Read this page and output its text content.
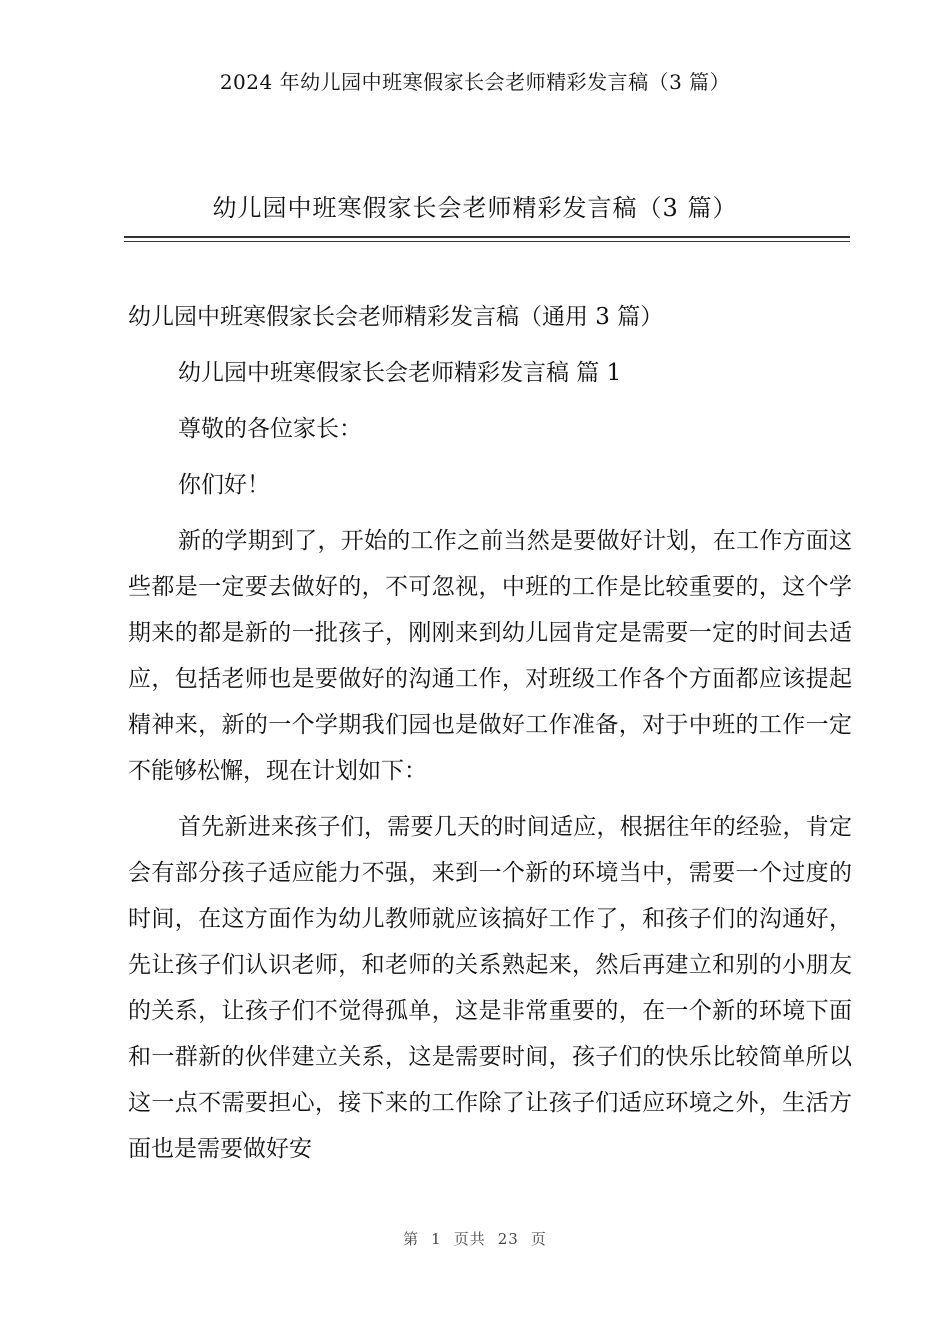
2024 年幼儿园中班寒假家长会老师精彩发言稿（3 篇）
幼儿园中班寒假家长会老师精彩发言稿（3 篇）

幼儿园中班寒假家长会老师精彩发言稿（通用 3 篇）

幼儿园中班寒假家长会老师精彩发言稿 篇 1

尊敬的各位家长：

你们好！

新的学期到了，开始的工作之前当然是要做好计划，在工作方面这些都是一定要去做好的，不可忽视，中班的工作是比较重要的，这个学期来的都是新的一批孩子，刚刚来到幼儿园肯定是需要一定的时间去适应，包括老师也是要做好的沟通工作，对班级工作各个方面都应该提起精神来，新的一个学期我们园也是做好工作准备，对于中班的工作一定不能够松懈，现在计划如下：

首先新进来孩子们，需要几天的时间适应，根据往年的经验，肯定会有部分孩子适应能力不强，来到一个新的环境当中，需要一个过度的时间，在这方面作为幼儿教师就应该搞好工作了，和孩子们的沟通好，先让孩子们认识老师，和老师的关系熟起来，然后再建立和别的小朋友的关系，让孩子们不觉得孤单，这是非常重要的，在一个新的环境下面和一群新的伙伴建立关系，这是需要时间，孩子们的快乐比较简单所以这一点不需要担心，接下来的工作除了让孩子们适应环境之外，生活方面也是需要做好安

第 1 页共 23 页
